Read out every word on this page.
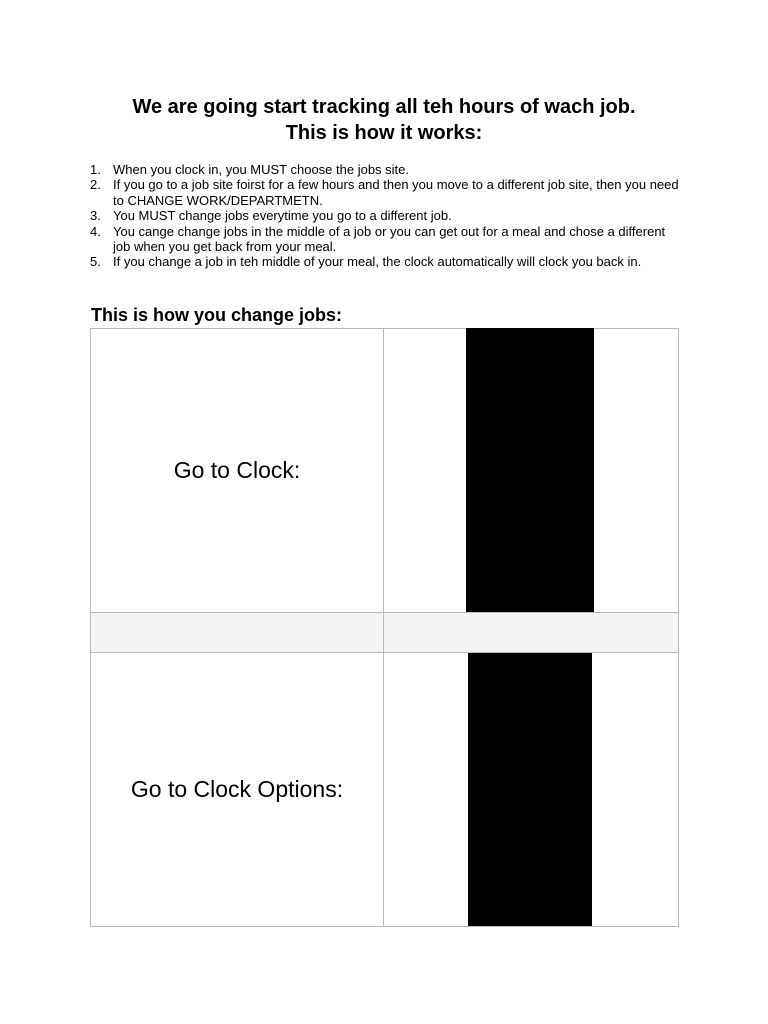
We are going start tracking all teh hours of wach job.
This is how it works:
1. When you clock in, you MUST choose the jobs site.
2. If you go to a job site foirst for a few hours and then you move to a different job site, then you need to CHANGE WORK/DEPARTMETN.
3. You MUST change jobs everytime you go to a different job.
4. You cange change jobs in the middle of a job or you can get out for a meal and chose a different job when you get back from your meal.
5. If you change a job in teh middle of your meal, the clock automatically will clock you back in.
This is how you change jobs:
Go to Clock:	

Go to Clock Options:	
